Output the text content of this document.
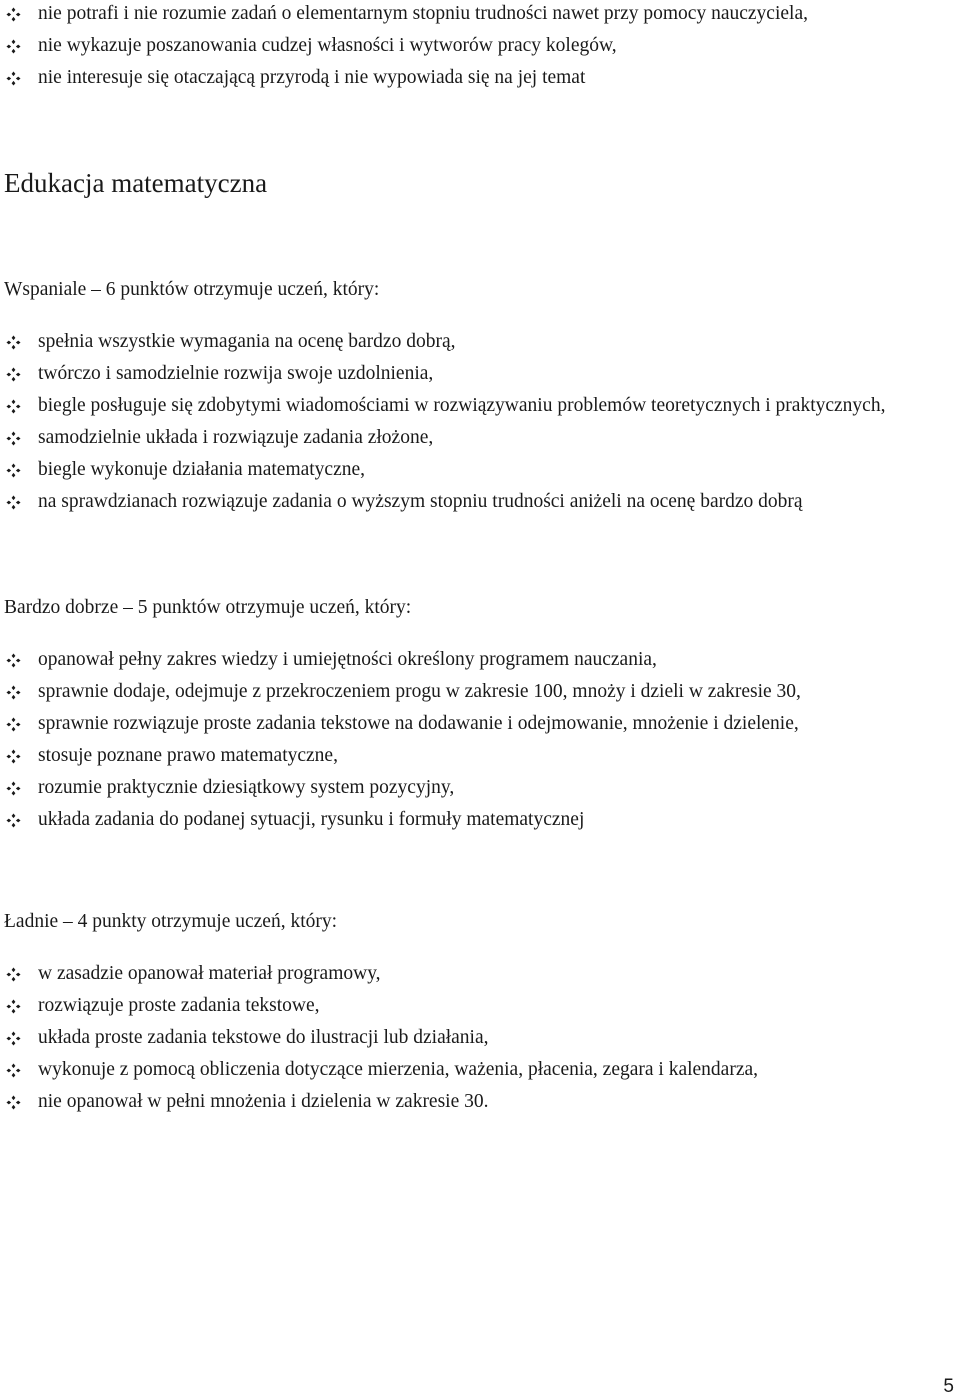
nie potrafi i nie rozumie zadań o elementarnym stopniu trudności nawet przy pomocy nauczyciela,
nie wykazuje poszanowania cudzej własności i wytworów pracy kolegów,
nie interesuje się otaczającą przyrodą i nie wypowiada się na jej temat
Edukacja matematyczna

Wspaniale – 6 punktów otrzymuje uczeń, który:

spełnia wszystkie wymagania na ocenę bardzo dobrą,
twórczo i samodzielnie rozwija swoje uzdolnienia,
biegle posługuje się zdobytymi wiadomościami w rozwiązywaniu problemów teoretycznych i praktycznych,
samodzielnie układa i rozwiązuje zadania złożone,
biegle wykonuje działania matematyczne,
na sprawdzianach rozwiązuje zadania o wyższym stopniu trudności aniżeli na ocenę bardzo dobrą

Bardzo dobrze – 5 punktów otrzymuje uczeń, który:

opanował pełny zakres wiedzy i umiejętności określony programem nauczania,
sprawnie dodaje, odejmuje z przekroczeniem progu w zakresie 100, mnoży i dzieli w zakresie 30,
sprawnie rozwiązuje proste zadania tekstowe na dodawanie i odejmowanie, mnożenie i dzielenie,
stosuje poznane prawo matematyczne,
rozumie praktycznie dziesiątkowy system pozycyjny,
układa zadania do podanej sytuacji, rysunku i formuły matematycznej

Ładnie – 4 punkty otrzymuje uczeń, który:

w zasadzie opanował materiał programowy,
rozwiązuje proste zadania tekstowe,
układa proste zadania tekstowe do ilustracji lub działania,
wykonuje z pomocą obliczenia dotyczące mierzenia, ważenia, płacenia, zegara i kalendarza,
nie opanował w pełni mnożenia i dzielenia w zakresie 30.
5
